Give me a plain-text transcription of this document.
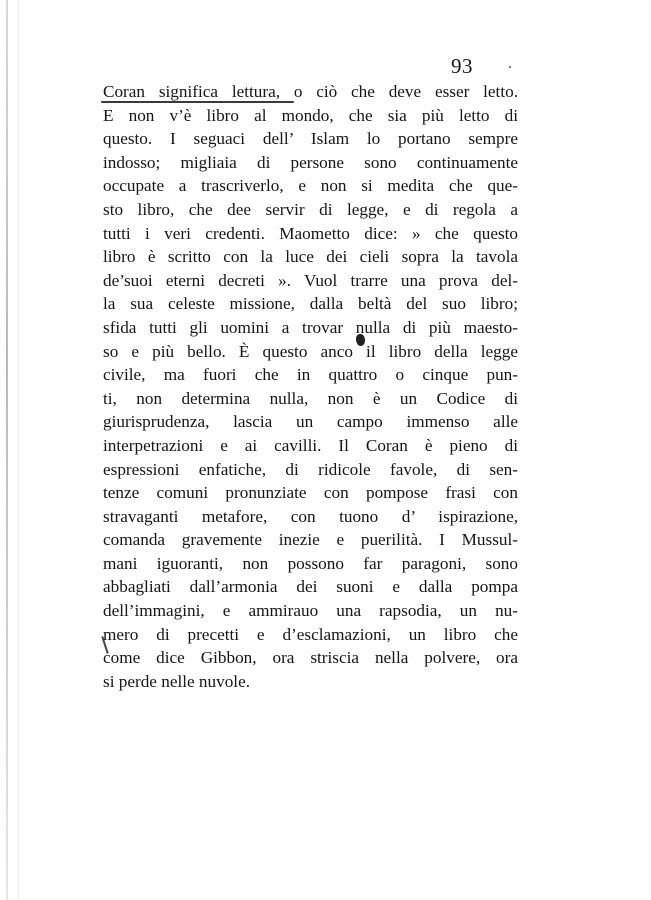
93
Coran significa lettura, o ciò che deve esser letto.
E non v’è libro al mondo, che sia più letto di
questo. I seguaci dell’ Islam lo portano sempre
indosso; migliaia di persone sono continuamente
occupate a trascriverlo, e non si medita che que-
sto libro, che dee servir di legge, e di regola a
tutti i veri credenti. Maometto dice: » che questo
libro è scritto con la luce dei cieli sopra la tavola
de’suoi eterni decreti ». Vuol trarre una prova del-
la sua celeste missione, dalla beltà del suo libro;
sfida tutti gli uomini a trovar nulla di più maesto-
so e più bello. È questo anco il libro della legge
civile, ma fuori che in quattro o cinque pun-
ti, non determina nulla, non è un Codice di
giurisprudenza, lascia un campo immenso alle
interpetrazioni e ai cavilli. Il Coran è pieno di
espressioni enfatiche, di ridicole favole, di sen-
tenze comuni pronunziate con pompose frasi con
stravaganti metafore, con tuono d’ ispirazione,
comanda gravemente inezie e puerilità. I Mussul-
mani iguoranti, non possono far paragoni, sono
abbagliati dall’armonia dei suoni e dalla pompa
dell’immagini, e ammirauo una rapsodia, un nu-
mero di precetti e d’esclamazioni, un libro che
come dice Gibbon, ora striscia nella polvere, ora
si perde nelle nuvole.
